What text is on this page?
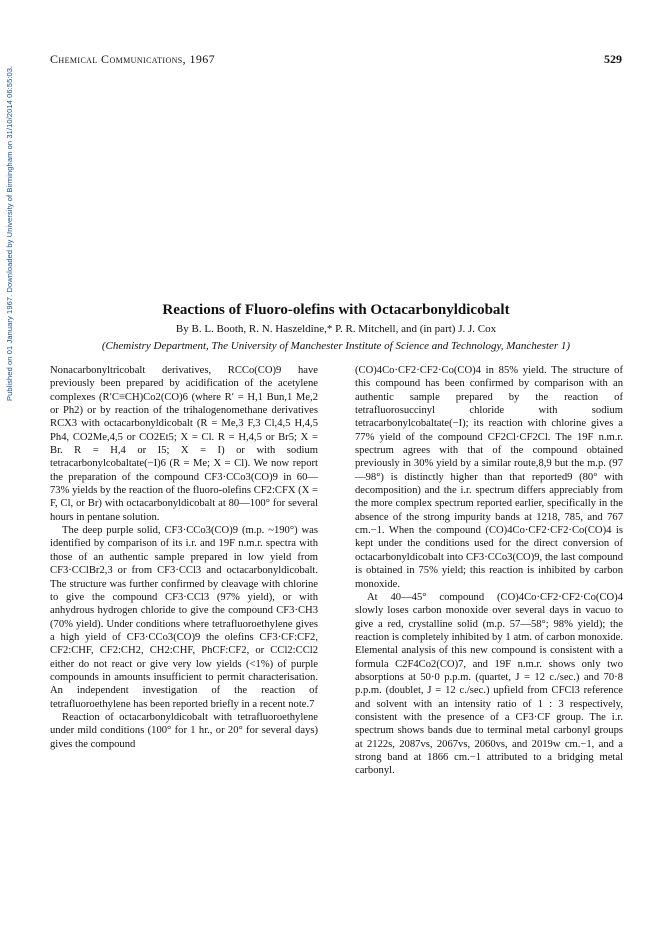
Published on 01 January 1967. Downloaded by University of Birmingham on 31/10/2014 06:55:03.
Chemical Communications, 1967	529
Reactions of Fluoro-olefins with Octacarbonyldicobalt
By B. L. Booth, R. N. Haszeldine,* P. R. Mitchell, and (in part) J. J. Cox
(Chemistry Department, The University of Manchester Institute of Science and Technology, Manchester 1)

Nonacarbonyltricobalt derivatives, RCCo(CO)9 have previously been prepared by acidification of the acetylene complexes (R′C≡CH)Co2(CO)6 (where R′ = H,1 Bun,1 Me,2 or Ph2) or by reaction of the trihalogenomethane derivatives RCX3 with octacarbonyldicobalt (R = Me,3 F,3 Cl,4,5 H,4,5 Ph4, CO2Me,4,5 or CO2Et5; X = Cl. R = H,4,5 or Br5; X = Br. R = H,4 or I5; X = I) or with sodium tetracarbonylcobaltate(−I)6 (R = Me; X = Cl). We now report the preparation of the compound CF3·CCo3(CO)9 in 60—73% yields by the reaction of the fluoro-olefins CF2:CFX (X = F, Cl, or Br) with octacarbonyldicobalt at 80—100° for several hours in pentane solution.

The deep purple solid, CF3·CCo3(CO)9 (m.p. ~190°) was identified by comparison of its i.r. and 19F n.m.r. spectra with those of an authentic sample prepared in low yield from CF3·CClBr2,3 or from CF3·CCl3 and octacarbonyldicobalt. The structure was further confirmed by cleavage with chlorine to give the compound CF3·CCl3 (97% yield), or with anhydrous hydrogen chloride to give the compound CF3·CH3 (70% yield). Under conditions where tetrafluoroethylene gives a high yield of CF3·CCo3(CO)9 the olefins CF3·CF:CF2, CF2:CHF, CF2:CH2, CH2:CHF, PhCF:CF2, or CCl2:CCl2 either do not react or give very low yields (<1%) of purple compounds in amounts insufficient to permit characterisation. An independent investigation of the reaction of tetrafluoroethylene has been reported briefly in a recent note.7

Reaction of octacarbonyldicobalt with tetrafluoroethylene under mild conditions (100° for 1 hr., or 20° for several days) gives the compound

(CO)4Co·CF2·CF2·Co(CO)4 in 85% yield. The structure of this compound has been confirmed by comparison with an authentic sample prepared by the reaction of tetrafluorosuccinyl chloride with sodium tetracarbonylcobaltate(−I); its reaction with chlorine gives a 77% yield of the compound CF2Cl·CF2Cl. The 19F n.m.r. spectrum agrees with that of the compound obtained previously in 30% yield by a similar route,8,9 but the m.p. (97—98°) is distinctly higher than that reported9 (80° with decomposition) and the i.r. spectrum differs appreciably from the more complex spectrum reported earlier, specifically in the absence of the strong impurity bands at 1218, 785, and 767 cm.−1. When the compound (CO)4Co·CF2·CF2·Co(CO)4 is kept under the conditions used for the direct conversion of octacarbonyldicobalt into CF3·CCo3(CO)9, the last compound is obtained in 75% yield; this reaction is inhibited by carbon monoxide.

At 40—45° compound (CO)4Co·CF2·CF2·Co(CO)4 slowly loses carbon monoxide over several days in vacuo to give a red, crystalline solid (m.p. 57—58°; 98% yield); the reaction is completely inhibited by 1 atm. of carbon monoxide. Elemental analysis of this new compound is consistent with a formula C2F4Co2(CO)7, and 19F n.m.r. shows only two absorptions at 50·0 p.p.m. (quartet, J = 12 c./sec.) and 70·8 p.p.m. (doublet, J = 12 c./sec.) upfield from CFCl3 reference and solvent with an intensity ratio of 1 : 3 respectively, consistent with the presence of a CF3·CF group. The i.r. spectrum shows bands due to terminal metal carbonyl groups at 2122s, 2087vs, 2067vs, 2060vs, and 2019w cm.−1, and a strong band at 1866 cm.−1 attributed to a bridging metal carbonyl.
